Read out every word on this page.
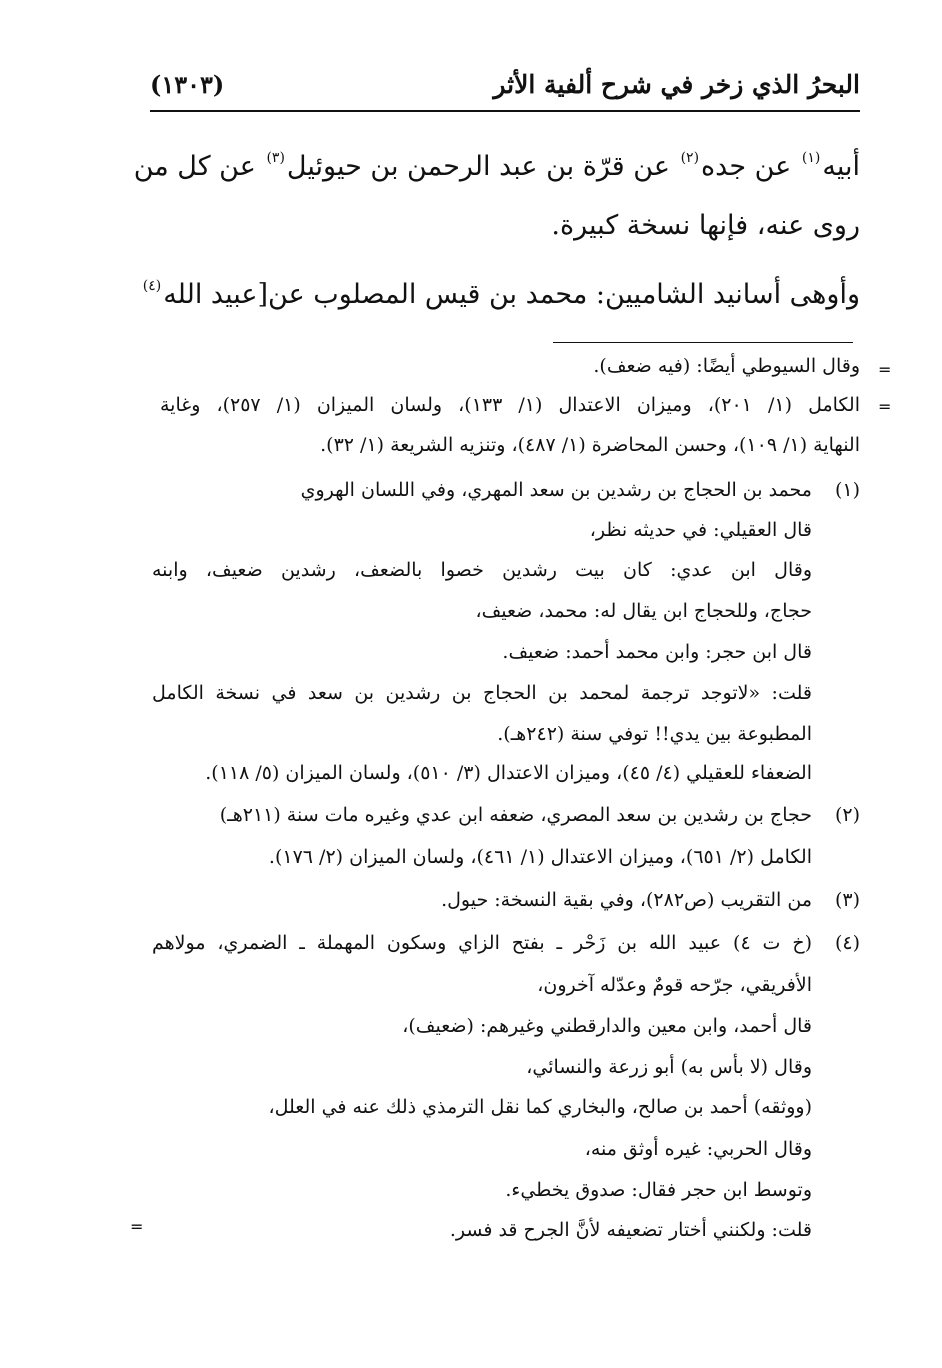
البحرُ الذي زخر في شرح ألفية الأثر
(١٣٠٣)
أبيه$^{(١)}$ عن جده$^{(٢)}$ عن قرّة بن عبد الرحمن بن حيوئيل$^{(٣)}$ عن كل من
روى عنه، فإنها نسخة كبيرة.
وأوهى أسانيد الشاميين: محمد بن قيس المصلوب عن[عبيد الله$^{(٤)}$
=
=
=
وقال السيوطي أيضًا: (فيه ضعف).
الكامل (١/ ٢٠١)، وميزان الاعتدال (١/ ١٣٣)، ولسان الميزان (١/ ٢٥٧)، وغاية
النهاية (١/ ١٠٩)، وحسن المحاضرة (١/ ٤٨٧)، وتنزيه الشريعة (١/ ٣٢).
(١)
محمد بن الحجاج بن رشدين بن سعد المهري، وفي اللسان الهروي
قال العقيلي: في حديثه نظر،
وقال ابن عدي: كان بيت رشدين خصوا بالضعف، رشدين ضعيف، وابنه
حجاج، وللحجاج ابن يقال له: محمد، ضعيف،
قال ابن حجر: وابن محمد أحمد: ضعيف.
قلت: «لاتوجد ترجمة لمحمد بن الحجاج بن رشدين بن سعد في نسخة الكامل
المطبوعة بين يدي!! توفي سنة (٢٤٢هـ).
الضعفاء للعقيلي (٤/ ٤٥)، وميزان الاعتدال (٣/ ٥١٠)، ولسان الميزان (٥/ ١١٨).
(٢)
حجاج بن رشدين بن سعد المصري، ضعفه ابن عدي وغيره مات سنة (٢١١هـ)
الكامل (٢/ ٦٥١)، وميزان الاعتدال (١/ ٤٦١)، ولسان الميزان (٢/ ١٧٦).
(٣)
من التقريب (ص٢٨٢)، وفي بقية النسخة: حيول.
(٤)
(خ ت ٤) عبيد الله بن زَحْر ـ بفتح الزاي وسكون المهملة ـ الضمري، مولاهم
الأفريقي، جرّحه قومٌ وعدّله آخرون،
قال أحمد، وابن معين والدارقطني وغيرهم: (ضعيف)،
وقال (لا بأس به) أبو زرعة والنسائي،
(ووثقه) أحمد بن صالح، والبخاري كما نقل الترمذي ذلك عنه في العلل،
وقال الحربي: غيره أوثق منه،
وتوسط ابن حجر فقال: صدوق يخطيء.
قلت: ولكنني أختار تضعيفه لأنَّ الجرح قد فسر.
